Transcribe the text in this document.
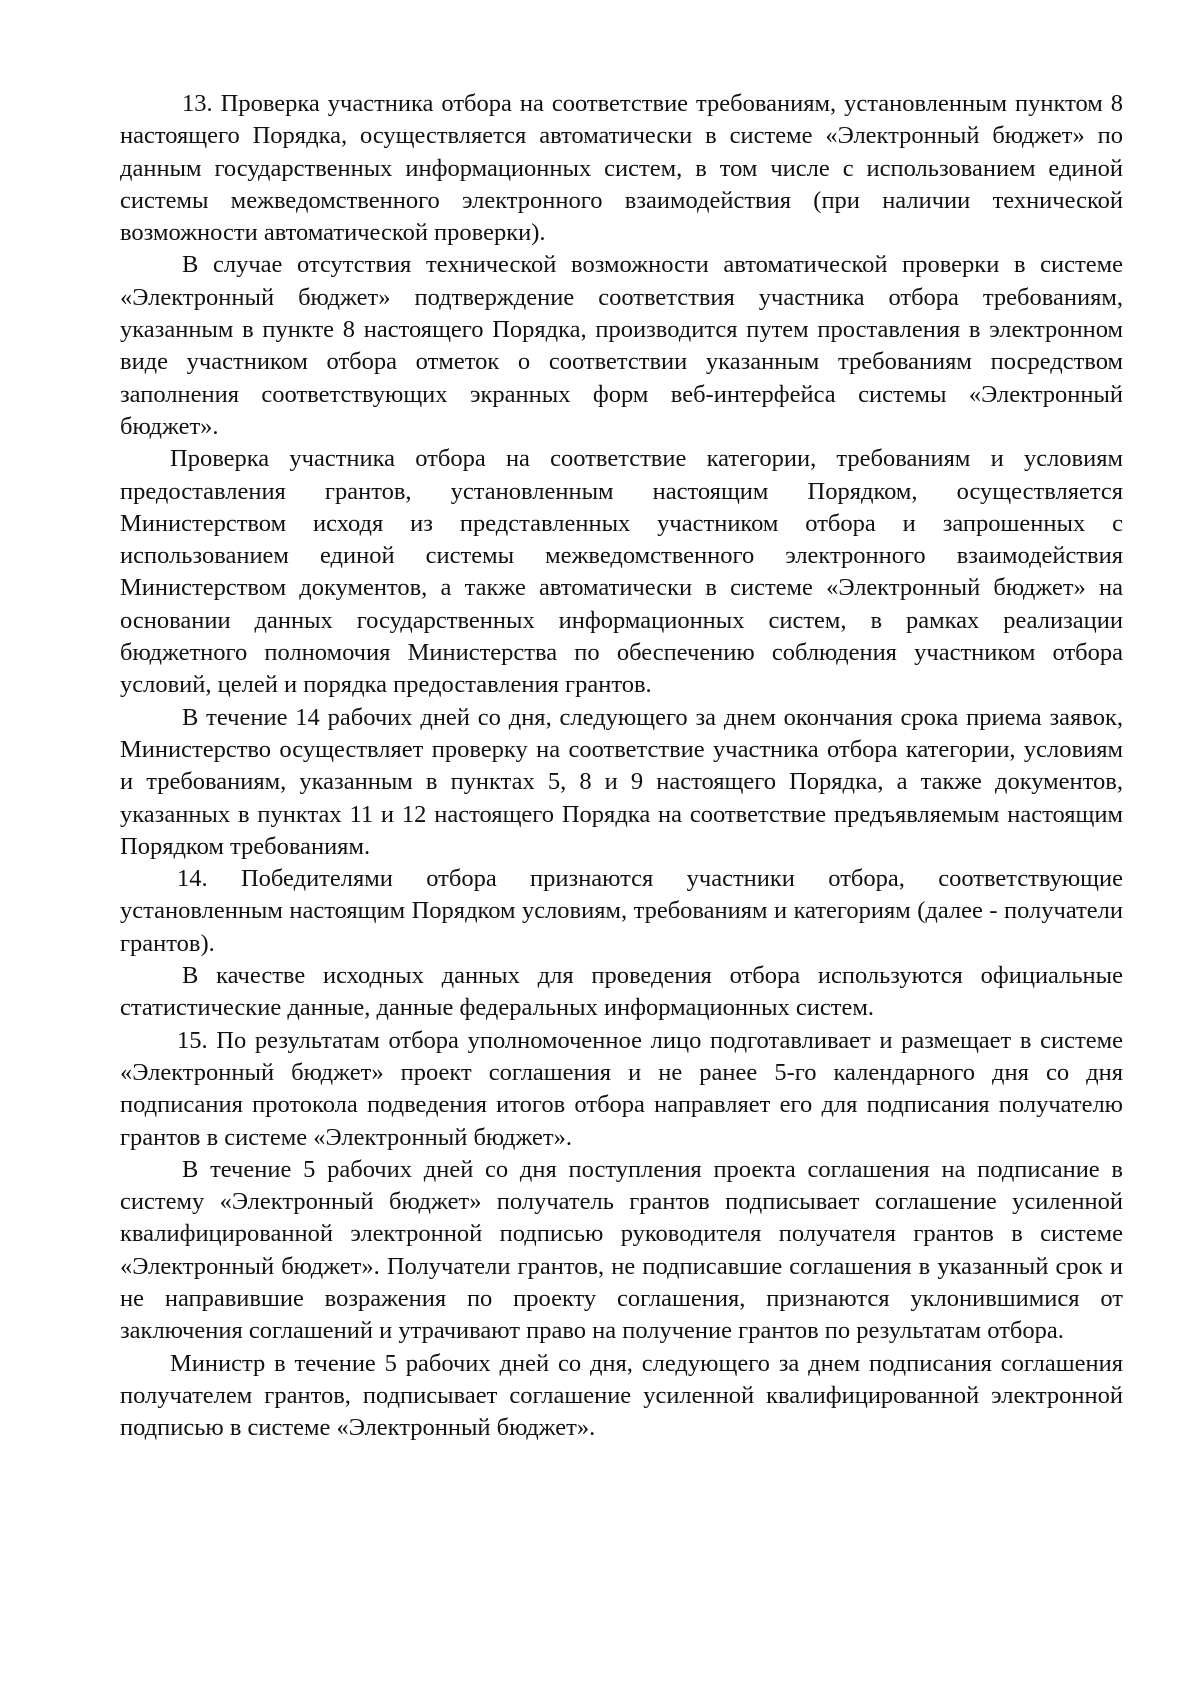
13. Проверка участника отбора на соответствие требованиям, установленным пунктом 8 настоящего Порядка, осуществляется автоматически в системе «Электронный бюджет» по данным государственных информационных систем, в том числе с использованием единой системы межведомственного электронного взаимодействия (при наличии технической возможности автоматической проверки).

В случае отсутствия технической возможности автоматической проверки в системе «Электронный бюджет» подтверждение соответствия участника отбора требованиям, указанным в пункте 8 настоящего Порядка, производится путем проставления в электронном виде участником отбора отметок о соответствии указанным требованиям посредством заполнения соответствующих экранных форм веб-интерфейса системы «Электронный бюджет».

Проверка участника отбора на соответствие категории, требованиям и условиям предоставления грантов, установленным настоящим Порядком, осуществляется Министерством исходя из представленных участником отбора и запрошенных с использованием единой системы межведомственного электронного взаимодействия Министерством документов, а также автоматически в системе «Электронный бюджет» на основании данных государственных информационных систем, в рамках реализации бюджетного полномочия Министерства по обеспечению соблюдения участником отбора условий, целей и порядка предоставления грантов.

В течение 14 рабочих дней со дня, следующего за днем окончания срока приема заявок, Министерство осуществляет проверку на соответствие участника отбора категории, условиям и требованиям, указанным в пунктах 5, 8 и 9 настоящего Порядка, а также документов, указанных в пунктах 11 и 12 настоящего Порядка на соответствие предъявляемым настоящим Порядком требованиям.

14. Победителями отбора признаются участники отбора, соответствующие установленным настоящим Порядком условиям, требованиям и категориям (далее - получатели грантов).

В качестве исходных данных для проведения отбора используются официальные статистические данные, данные федеральных информационных систем.

15. По результатам отбора уполномоченное лицо подготавливает и размещает в системе «Электронный бюджет» проект соглашения и не ранее 5-го календарного дня со дня подписания протокола подведения итогов отбора направляет его для подписания получателю грантов в системе «Электронный бюджет».

В течение 5 рабочих дней со дня поступления проекта соглашения на подписание в систему «Электронный бюджет» получатель грантов подписывает соглашение усиленной квалифицированной электронной подписью руководителя получателя грантов в системе «Электронный бюджет». Получатели грантов, не подписавшие соглашения в указанный срок и не направившие возражения по проекту соглашения, признаются уклонившимися от заключения соглашений и утрачивают право на получение грантов по результатам отбора.

Министр в течение 5 рабочих дней со дня, следующего за днем подписания соглашения получателем грантов, подписывает соглашение усиленной квалифицированной электронной подписью в системе «Электронный бюджет».
